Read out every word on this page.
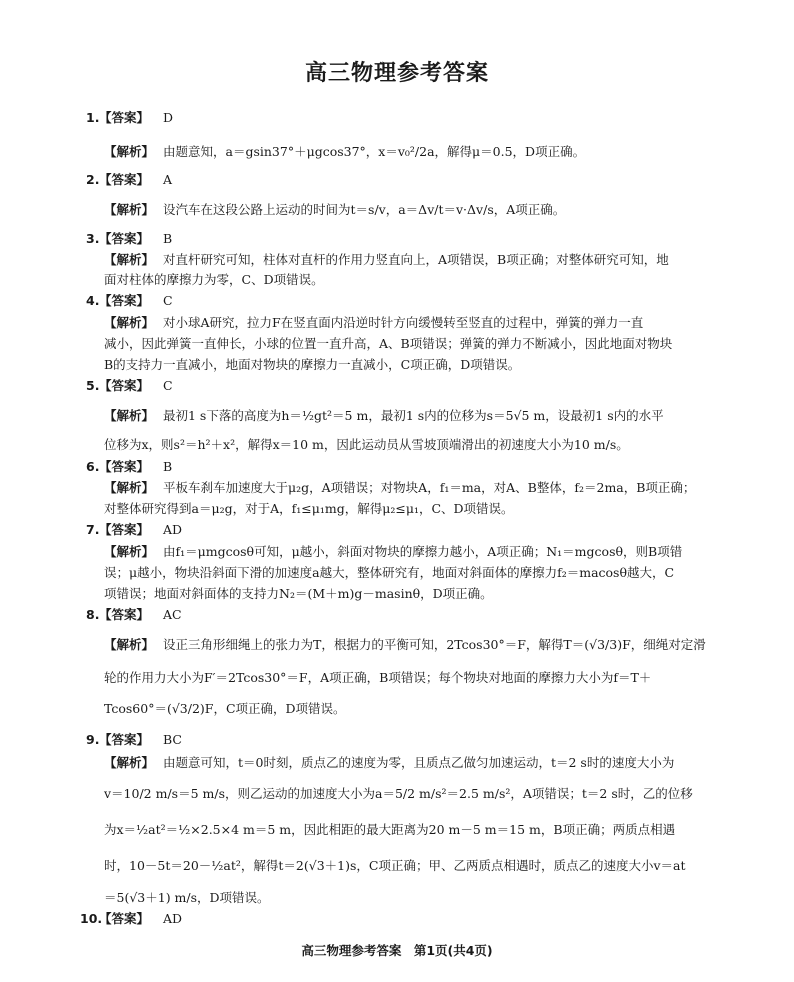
高三物理参考答案
1. 【答案】 D
【解析】 由题意知，a＝gsin37°＋μgcos37°，x＝v₀²/2a，解得μ＝0.5，D项正确。
2. 【答案】 A
【解析】 设汽车在这段公路上运动的时间为t＝s/v，a＝Δv/t＝v·Δv/s，A项正确。
3. 【答案】 B
【解析】 对直杆研究可知，柱体对直杆的作用力竖直向上，A项错误，B项正确；对整体研究可知，地
面对柱体的摩擦力为零，C、D项错误。
4. 【答案】 C
【解析】 对小球A研究，拉力F在竖直面内沿逆时针方向缓慢转至竖直的过程中，弹簧的弹力一直
减小，因此弹簧一直伸长，小球的位置一直升高，A、B项错误；弹簧的弹力不断减小，因此地面对物块
B的支持力一直减小，地面对物块的摩擦力一直减小，C项正确，D项错误。
5. 【答案】 C
【解析】 最初1 s下落的高度为h＝½gt²＝5 m，最初1 s内的位移为s＝5√5 m，设最初1 s内的水平
位移为x，则s²＝h²＋x²，解得x＝10 m，因此运动员从雪坡顶端滑出的初速度大小为10 m/s。
6. 【答案】 B
【解析】 平板车刹车加速度大于μ₂g，A项错误；对物块A，f₁＝ma，对A、B整体，f₂＝2ma，B项正确；
对整体研究得到a＝μ₂g，对于A，f₁≤μ₁mg，解得μ₂≤μ₁，C、D项错误。
7. 【答案】 AD
【解析】 由f₁＝μmgcosθ可知，μ越小，斜面对物块的摩擦力越小，A项正确；N₁＝mgcosθ，则B项错
误；μ越小，物块沿斜面下滑的加速度a越大，整体研究有，地面对斜面体的摩擦力f₂＝macosθ越大，C
项错误；地面对斜面体的支持力N₂＝(M＋m)g－masinθ，D项正确。
8. 【答案】 AC
【解析】 设正三角形细绳上的张力为T，根据力的平衡可知，2Tcos30°＝F，解得T＝(√3/3)F，细绳对定滑
轮的作用力大小为F′＝2Tcos30°＝F，A项正确，B项错误；每个物块对地面的摩擦力大小为f＝T＋
Tcos60°＝(√3/2)F，C项正确，D项错误。
9. 【答案】 BC
【解析】 由题意可知，t＝0时刻，质点乙的速度为零，且质点乙做匀加速运动，t＝2 s时的速度大小为
v＝10/2 m/s＝5 m/s，则乙运动的加速度大小为a＝5/2 m/s²＝2.5 m/s²，A项错误；t＝2 s时，乙的位移
为x＝½at²＝½×2.5×4 m＝5 m，因此相距的最大距离为20 m－5 m＝15 m，B项正确；两质点相遇
时，10－5t＝20－½at²，解得t＝2(√3＋1)s，C项正确；甲、乙两质点相遇时，质点乙的速度大小v＝at
＝5(√3＋1) m/s，D项错误。
10.
【答案】 AD
高三物理参考答案　第1页(共4页)
